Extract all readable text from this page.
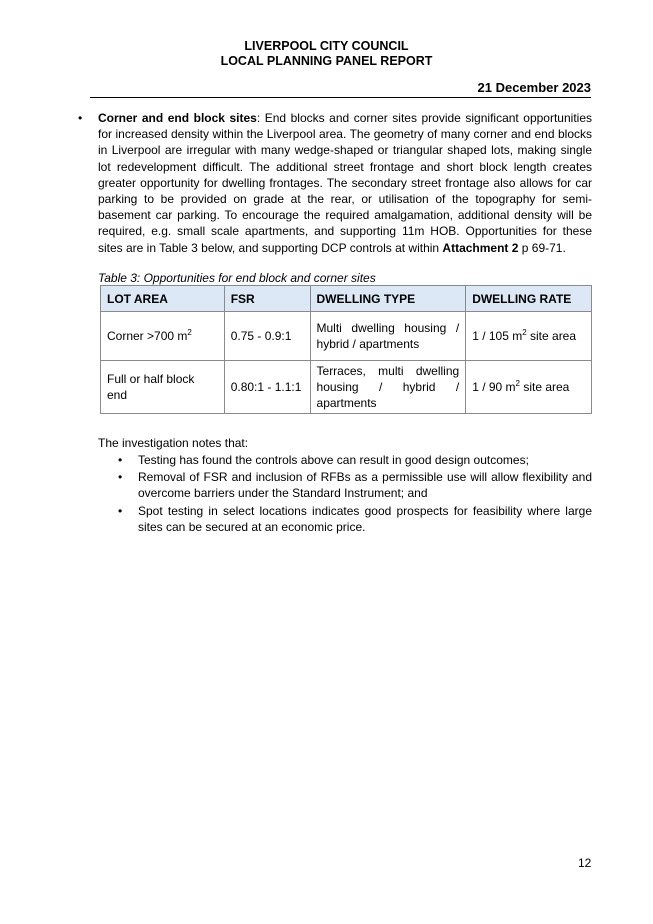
LIVERPOOL CITY COUNCIL
LOCAL PLANNING PANEL REPORT
21 December 2023
• Corner and end block sites: End blocks and corner sites provide significant opportunities for increased density within the Liverpool area. The geometry of many corner and end blocks in Liverpool are irregular with many wedge-shaped or triangular shaped lots, making single lot redevelopment difficult. The additional street frontage and short block length creates greater opportunity for dwelling frontages. The secondary street frontage also allows for car parking to be provided on grade at the rear, or utilisation of the topography for semi-basement car parking. To encourage the required amalgamation, additional density will be required, e.g. small scale apartments, and supporting 11m HOB. Opportunities for these sites are in Table 3 below, and supporting DCP controls at within Attachment 2 p 69-71.
Table 3: Opportunities for end block and corner sites
LOT AREA	FSR	DWELLING TYPE	DWELLING RATE
Corner >700 $m^2$	0.75 - 0.9:1	Multi dwelling housing / hybrid / apartments	1 / 105 $m^2$ site area
Full or half block end	0.80:1 - 1.1:1	Terraces, multi dwelling housing / hybrid / apartments	1 / 90 $m^2$ site area
The investigation notes that:
• Testing has found the controls above can result in good design outcomes;
• Removal of FSR and inclusion of RFBs as a permissible use will allow flexibility and overcome barriers under the Standard Instrument; and
• Spot testing in select locations indicates good prospects for feasibility where large sites can be secured at an economic price.
12
